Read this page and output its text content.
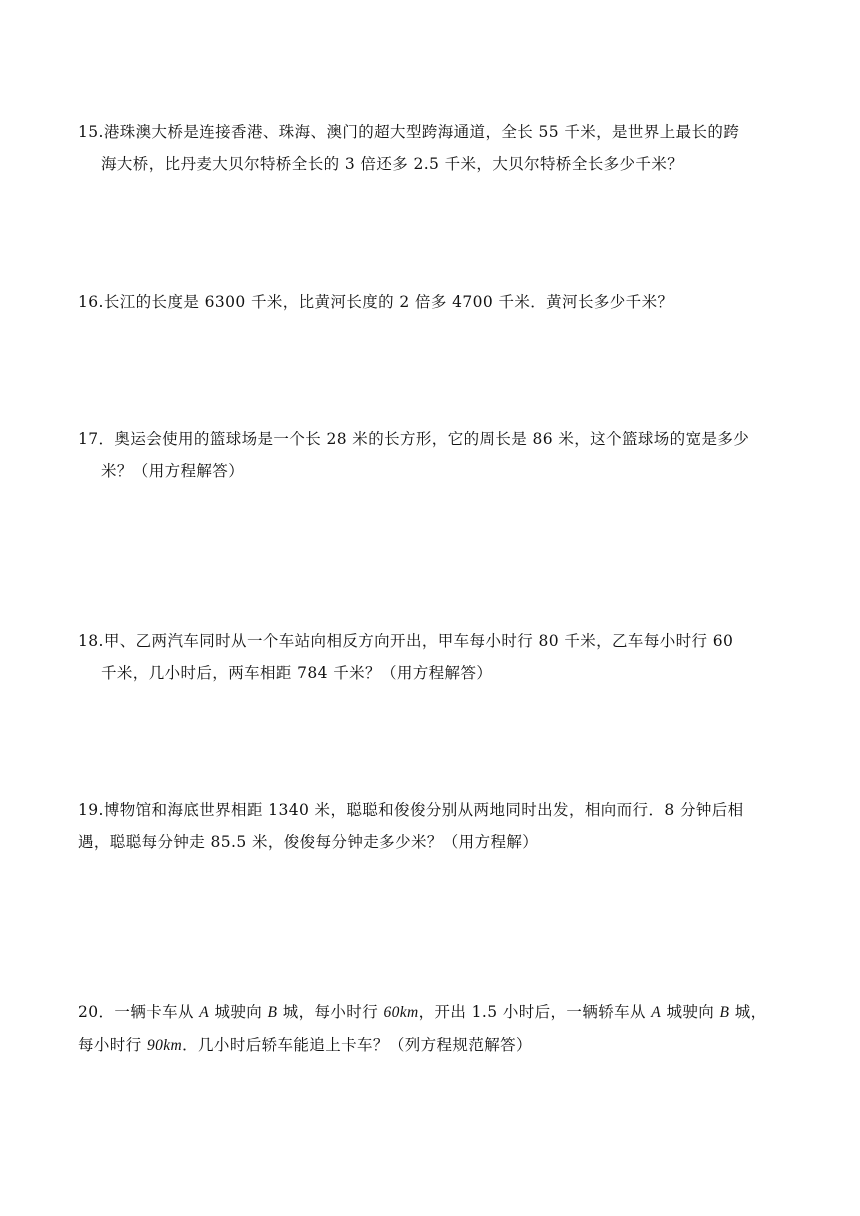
15.港珠澳大桥是连接香港、珠海、澳门的超大型跨海通道，全长 55 千米，是世界上最长的跨
海大桥，比丹麦大贝尔特桥全长的 3 倍还多 2.5 千米，大贝尔特桥全长多少千米？
16.长江的长度是 6300 千米，比黄河长度的 2 倍多 4700 千米．黄河长多少千米？
17．奥运会使用的篮球场是一个长 28 米的长方形，它的周长是 86 米，这个篮球场的宽是多少
米？（用方程解答）
18.甲、乙两汽车同时从一个车站向相反方向开出，甲车每小时行 80 千米，乙车每小时行 60
千米，几小时后，两车相距 784 千米？（用方程解答）
19.博物馆和海底世界相距 1340 米，聪聪和俊俊分别从两地同时出发，相向而行．8 分钟后相
遇，聪聪每分钟走 85.5 米，俊俊每分钟走多少米？（用方程解）
20．一辆卡车从 A 城驶向 B 城，每小时行 60km，开出 1.5 小时后，一辆轿车从 A 城驶向 B 城，
每小时行 90km．几小时后轿车能追上卡车？（列方程规范解答）
